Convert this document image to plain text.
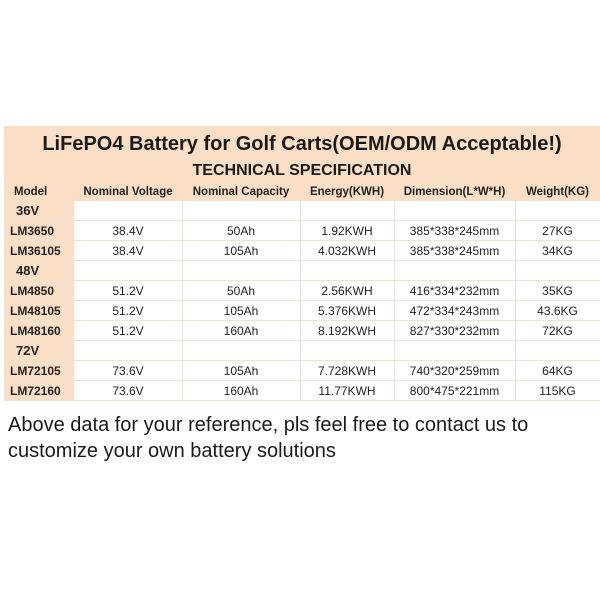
LiFePO4 Battery for Golf Carts(OEM/ODM Acceptable!)
TECHNICAL SPECIFICATION
Model	Nominal Voltage	Nominal Capacity	Energy(KWH)	Dimension(L*W*H)	Weight(KG)
36V					
LM3650	38.4V	50Ah	1.92KWH	385*338*245mm	27KG
LM36105	38.4V	105Ah	4.032KWH	385*338*245mm	34KG
48V					
LM4850	51.2V	50Ah	2.56KWH	416*334*232mm	35KG
LM48105	51.2V	105Ah	5.376KWH	472*334*243mm	43.6KG
LM48160	51.2V	160Ah	8.192KWH	827*330*232mm	72KG
72V					
LM72105	73.6V	105Ah	7.728KWH	740*320*259mm	64KG
LM72160	73.6V	160Ah	11.77KWH	800*475*221mm	115KG
Above data for your reference, pls feel free to contact us to customize your own battery solutions
